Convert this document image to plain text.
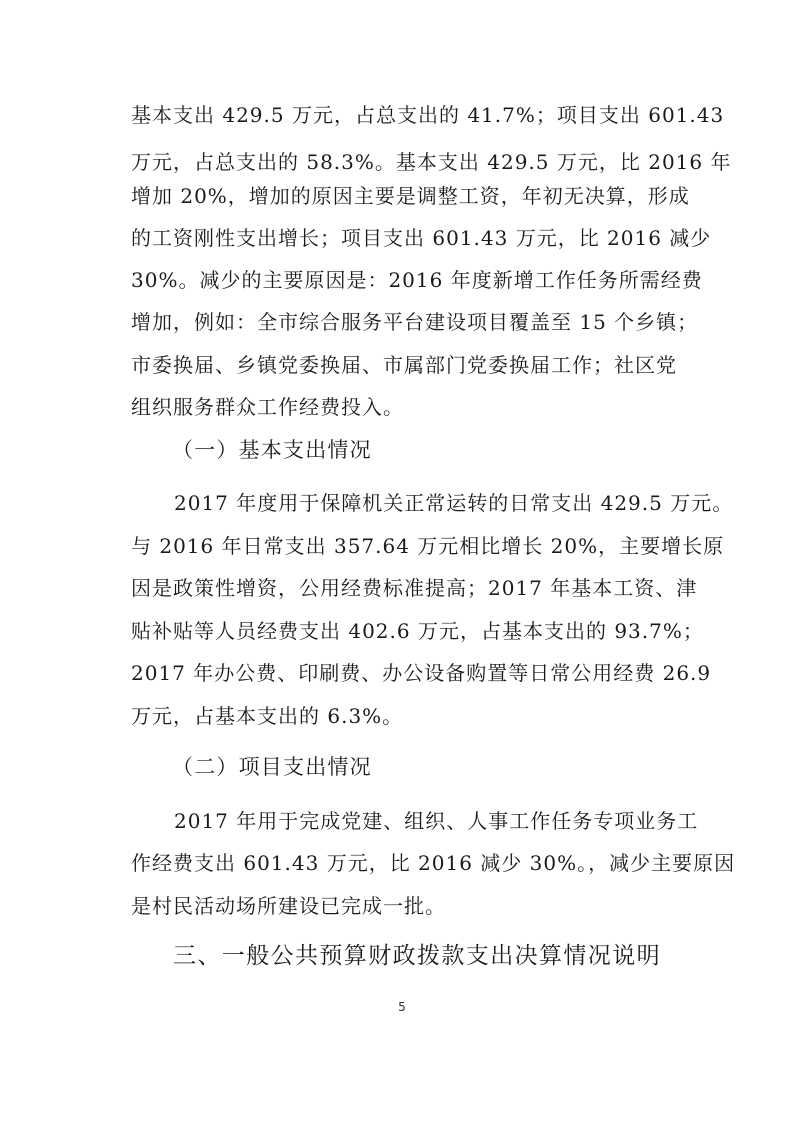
基本支出 429.5 万元，占总支出的 41.7%；项目支出 601.43
万元，占总支出的 58.3%。基本支出 429.5 万元，比 2016 年
增加 20%，增加的原因主要是调整工资，年初无决算，形成
的工资刚性支出增长；项目支出 601.43 万元，比 2016 减少
30%。减少的主要原因是：2016 年度新增工作任务所需经费
增加，例如：全市综合服务平台建设项目覆盖至 15 个乡镇；
市委换届、乡镇党委换届、市属部门党委换届工作；社区党
组织服务群众工作经费投入。
（一）基本支出情况
2017 年度用于保障机关正常运转的日常支出 429.5 万元。
与 2016 年日常支出 357.64 万元相比增长 20%，主要增长原
因是政策性增资，公用经费标准提高；2017 年基本工资、津
贴补贴等人员经费支出 402.6 万元，占基本支出的 93.7%；
2017 年办公费、印刷费、办公设备购置等日常公用经费 26.9
万元，占基本支出的 6.3%。
（二）项目支出情况
2017 年用于完成党建、组织、人事工作任务专项业务工
作经费支出 601.43 万元，比 2016 减少 30%。，减少主要原因
是村民活动场所建设已完成一批。
三、一般公共预算财政拨款支出决算情况说明
5
